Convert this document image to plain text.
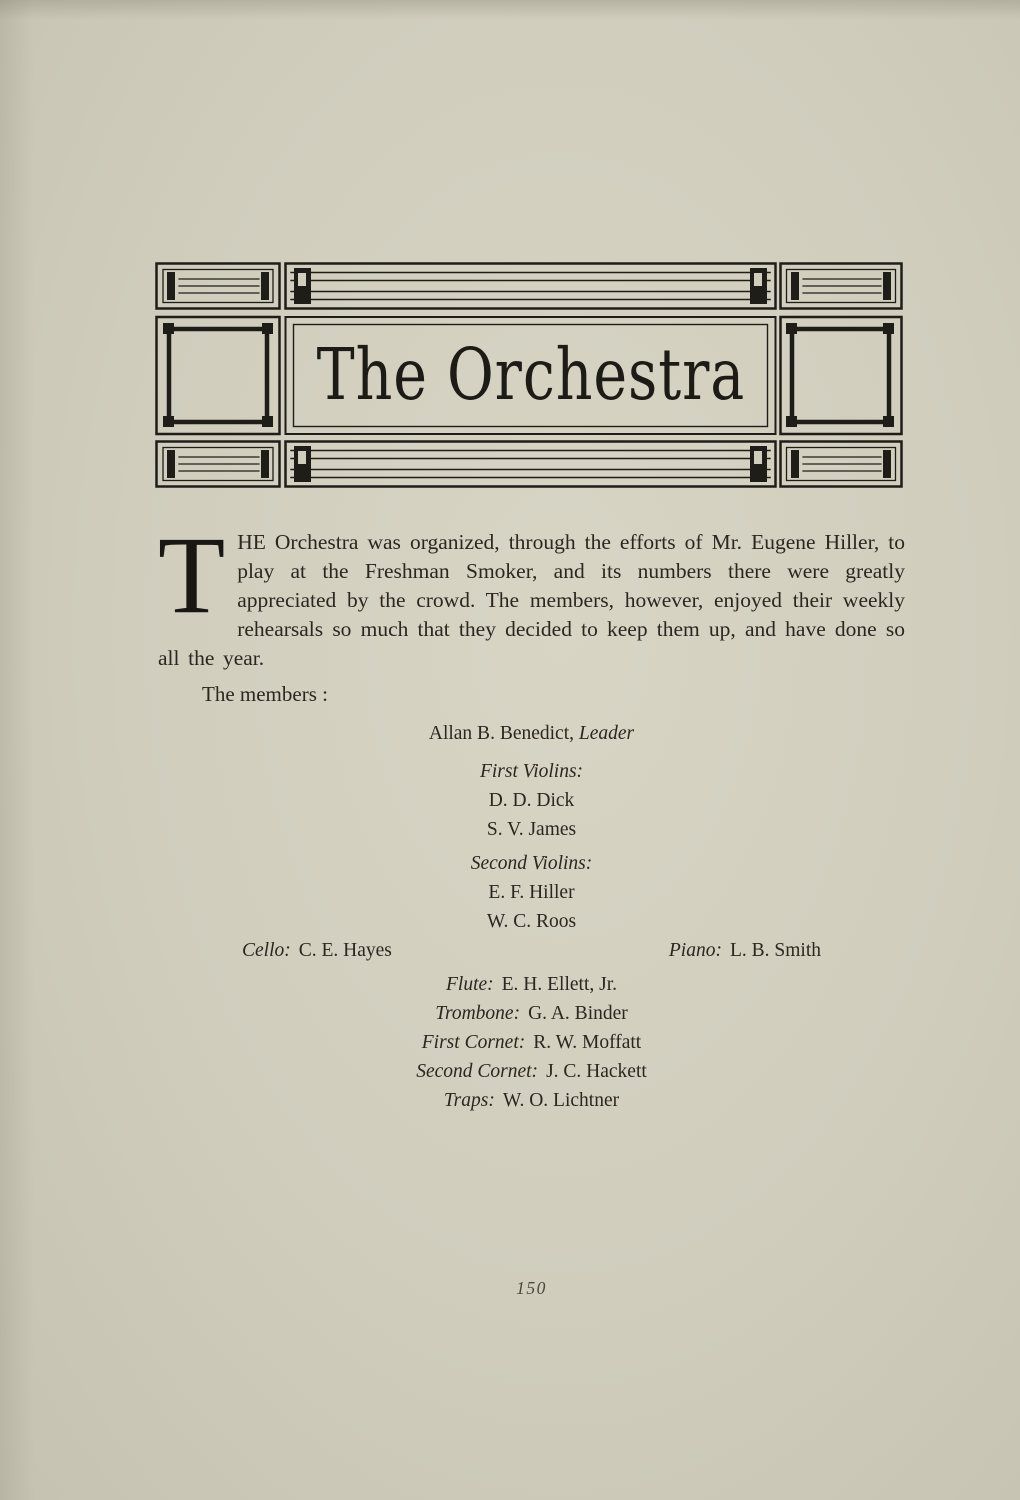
The Orchestra
THE Orchestra was organized, through the efforts of Mr. Eugene Hiller, to play at the Freshman Smoker, and its numbers there were greatly appreciated by the crowd. The members, however, enjoyed their weekly rehearsals so much that they decided to keep them up, and have done so all the year.
The members :
Allan B. Benedict, Leader
First Violins:
D. D. Dick
S. V. James
Second Violins:
E. F. Hiller
W. C. Roos
Cello: C. E. Hayes	Piano: L. B. Smith
Flute: E. H. Ellett, Jr.
Trombone: G. A. Binder
First Cornet: R. W. Moffatt
Second Cornet: J. C. Hackett
Traps: W. O. Lichtner
150
